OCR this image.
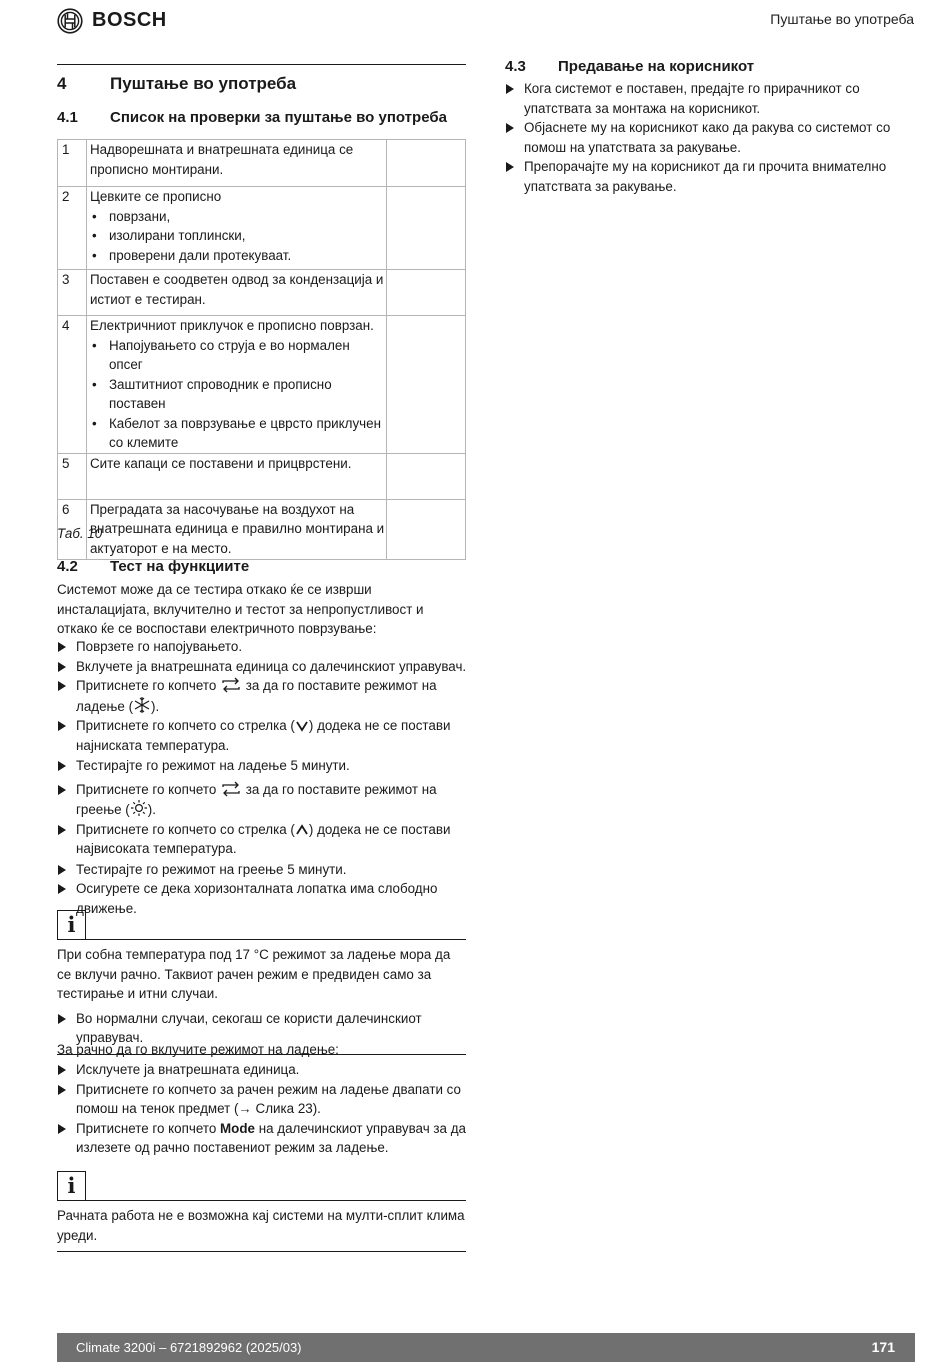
BOSCH	Пуштање во употреба
4	Пуштање во употреба
4.1 Список на проверки за пуштање во употреба
1	Надворешната и внатрешната единица се прописно монтирани.	

2	Цевките се прописно
• поврзани,
• изолирани топлински,
• проверени дали протекуваат.

3	Поставен е соодветен одвод за кондензација и истиот е тестиран.	

4	Електричниот приклучок е прописно поврзан.
• Напојувањето со струја е во нормален опсег
• Заштитниот спроводник е прописно поставен
• Кабелот за поврзување е цврсто приклучен со клемите

5	Сите капаци се поставени и прицврстени.	

6	Преградата за насочување на воздухот на внатрешната единица е правилно монтирана и актуаторот е на место.	

Таб. 10
4.2 Тест на функциите
Системот може да се тестира откако ќе се изврши инсталацијата, вклучително и тестот за непропустливост и откако ќе се воспостави електричното поврзување:
Поврзете го напојувањето.
Вклучете ја внатрешната единица со далечинскиот управувач.
Притиснете го копчето за да го поставите режимот на ладење ( ).
Притиснете го копчето со стрелка ( ) додека не се постави најниската температура.
Тестирајте го режимот на ладење 5 минути.
Притиснете го копчето за да го поставите режимот на греење ( ).
Притиснете го копчето со стрелка ( ) додека не се постави највисоката температура.
Тестирајте го режимот на греење 5 минути.
Осигурете се дека хоризонталната лопатка има слободно движење.
i
При собна температура под 17 °C режимот за ладење мора да се вклучи рачно. Таквиот рачен режим е предвиден само за тестирање и итни случаи.
Во нормални случаи, секогаш се користи далечинскиот управувач.
За рачно да го вклучите режимот на ладење:
Исклучете ја внатрешната единица.
Притиснете го копчето за рачен режим на ладење двапати со помош на тенок предмет (→ Слика 23).
Притиснете го копчето Mode на далечинскиот управувач за да излезете од рачно поставениот режим за ладење.
i
Рачната работа не е возможна кај системи на мулти-сплит клима уреди.
4.3 Предавање на корисникот
Кога системот е поставен, предајте го прирачникот со упатствата за монтажа на корисникот.
Објаснете му на корисникот како да ракува со системот со помош на упатствата за ракување.
Препорачајте му на корисникот да ги прочита внимателно упатствата за ракување.
Climate 3200i – 6721892962 (2025/03)	171
